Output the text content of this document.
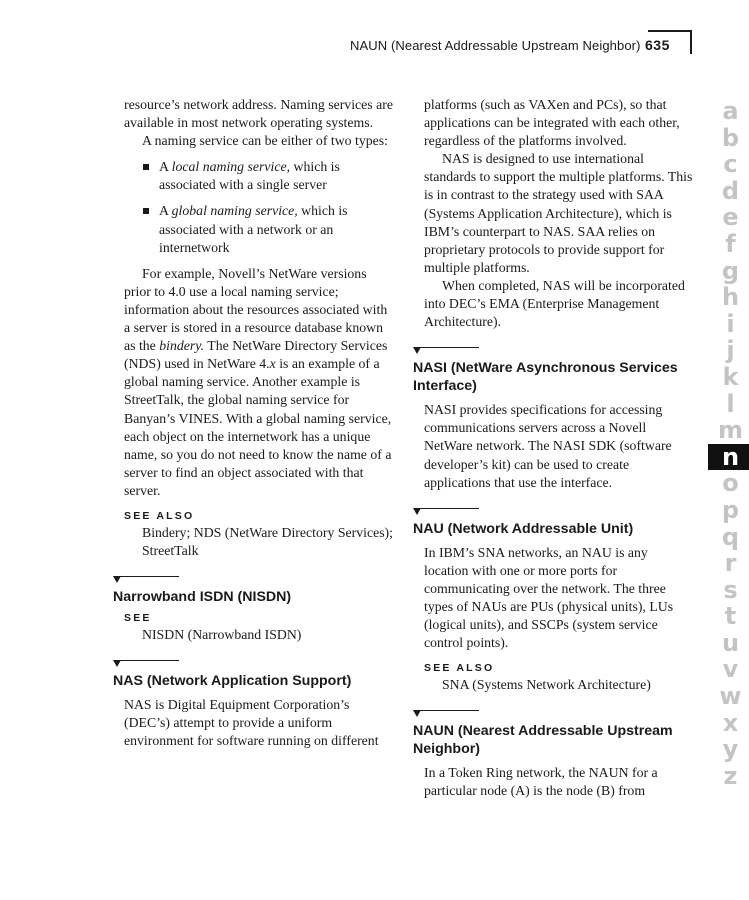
NAUN (Nearest Addressable Upstream Neighbor) 635

resource’s network address. Naming services are available in most network operating systems.

A naming service can be either of two types:

A local naming service, which is associated with a single server
A global naming service, which is associated with a network or an internetwork

For example, Novell’s NetWare versions prior to 4.0 use a local naming service; information about the resources associated with a server is stored in a resource database known as the bindery. The NetWare Directory Services (NDS) used in NetWare 4.x is an example of a global naming service. Another example is StreetTalk, the global naming service for Banyan’s VINES. With a global naming service, each object on the internetwork has a unique name, so you do not need to know the name of a server to find an object associated with that server.

SEE ALSO
Bindery; NDS (NetWare Directory Services); StreetTalk
Narrowband ISDN (NISDN)
SEE
NISDN (Narrowband ISDN)
NAS (Network Application Support)

NAS is Digital Equipment Corporation’s (DEC’s) attempt to provide a uniform environment for software running on different

platforms (such as VAXen and PCs), so that applications can be integrated with each other, regardless of the platforms involved.

NAS is designed to use international standards to support the multiple platforms. This is in contrast to the strategy used with SAA (Systems Application Architecture), which is IBM’s counterpart to NAS. SAA relies on proprietary protocols to provide support for multiple platforms.

When completed, NAS will be incorporated into DEC’s EMA (Enterprise Management Architecture).

NASI (NetWare Asynchronous Services Interface)

NASI provides specifications for accessing communications servers across a Novell NetWare network. The NASI SDK (software developer’s kit) can be used to create applications that use the interface.

NAU (Network Addressable Unit)

In IBM’s SNA networks, an NAU is any location with one or more ports for communicating over the network. The three types of NAUs are PUs (physical units), LUs (logical units), and SSCPs (system service control points).

SEE ALSO
SNA (Systems Network Architecture)
NAUN (Nearest Addressable Upstream Neighbor)

In a Token Ring network, the NAUN for a particular node (A) is the node (B) from

a
b
c
d
e
f
g
h
i
j
k
l
m
n
o
p
q
r
s
t
u
v
w
x
y
z
